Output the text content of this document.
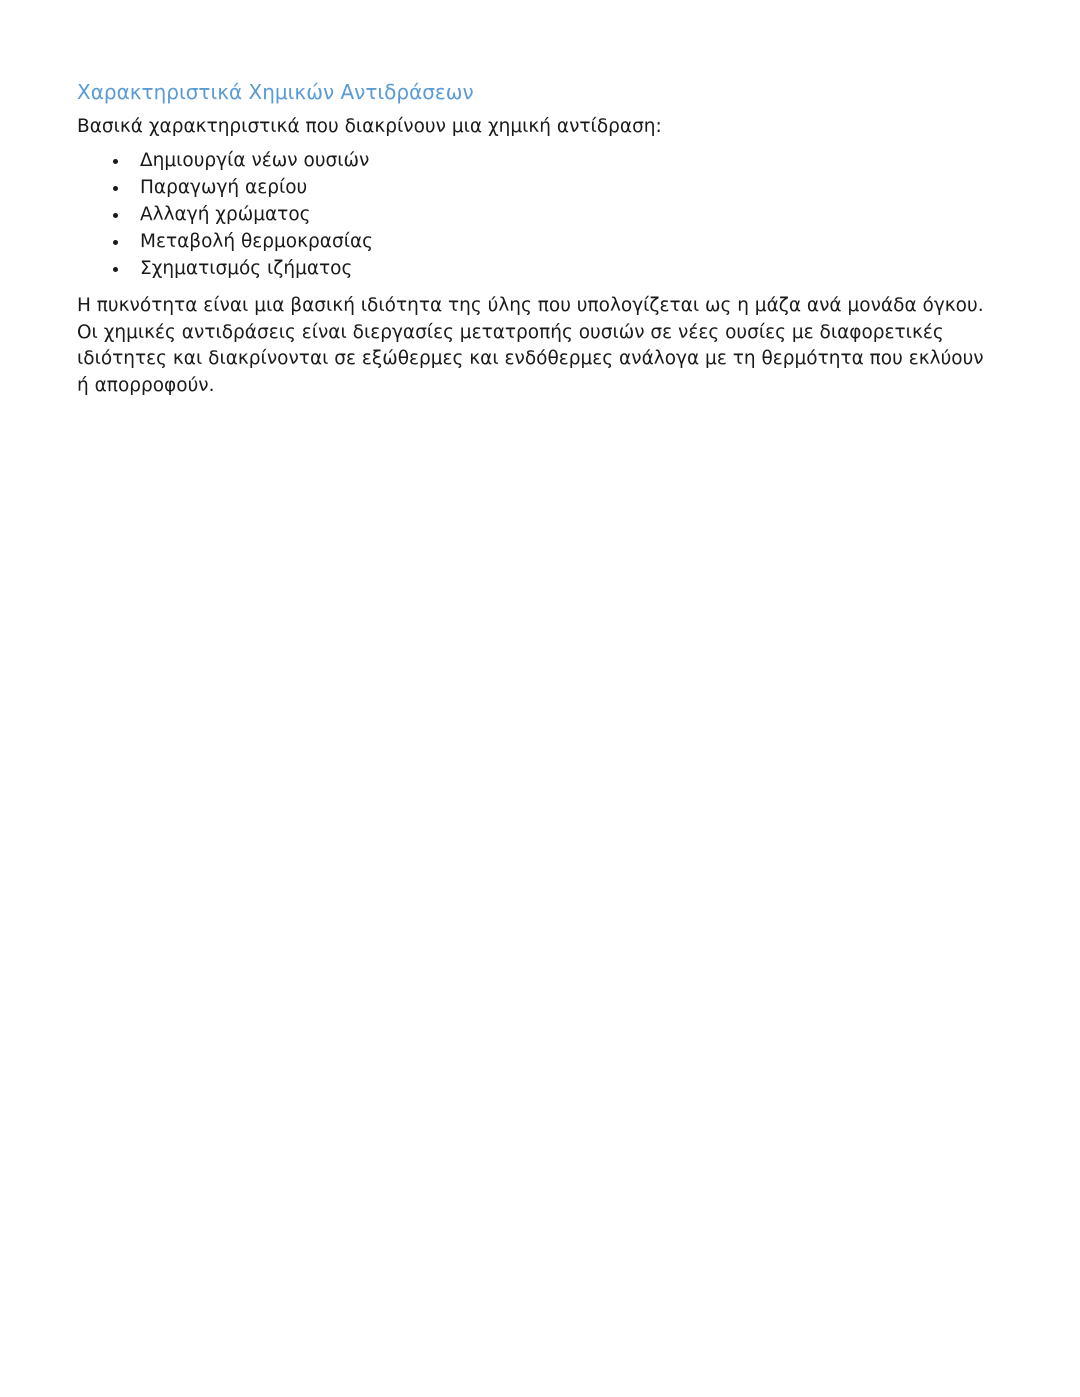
Χαρακτηριστικά Χημικών Αντιδράσεων

Βασικά χαρακτηριστικά που διακρίνουν μια χημική αντίδραση:

Δημιουργία νέων ουσιών
Παραγωγή αερίου
Αλλαγή χρώματος
Μεταβολή θερμοκρασίας
Σχηματισμός ιζήματος

Η πυκνότητα είναι μια βασική ιδιότητα της ύλης που υπολογίζεται ως η μάζα ανά μονάδα όγκου. Οι χημικές αντιδράσεις είναι διεργασίες μετατροπής ουσιών σε νέες ουσίες με διαφορετικές ιδιότητες και διακρίνονται σε εξώθερμες και ενδόθερμες ανάλογα με τη θερμότητα που εκλύουν ή απορροφούν.
